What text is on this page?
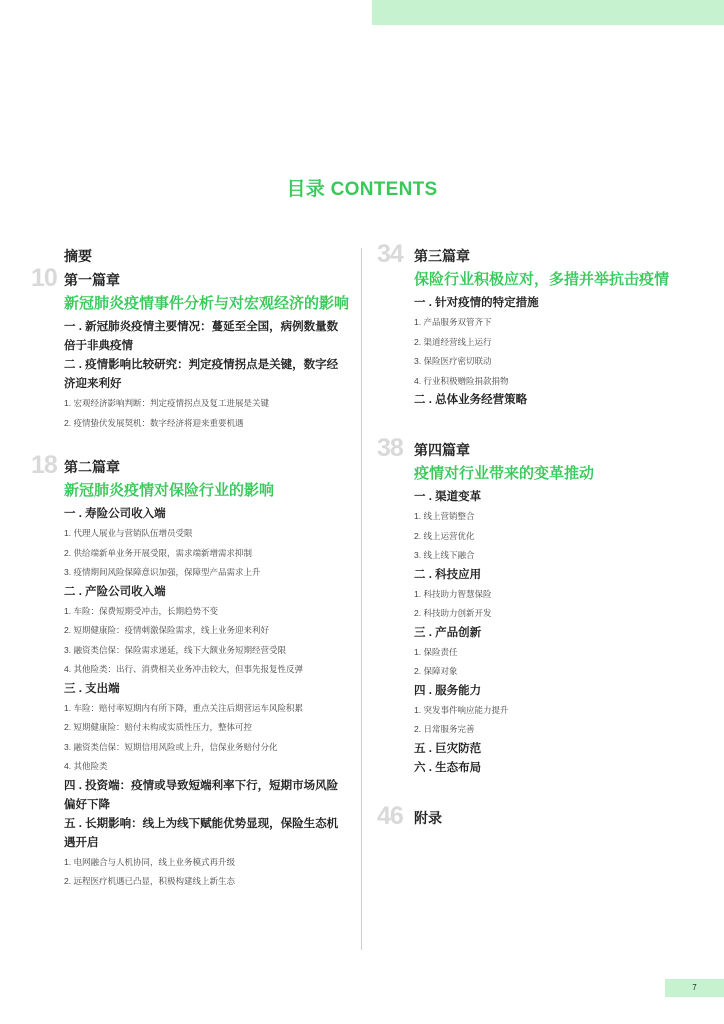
目录 CONTENTS
摘要
10 第一篇章
新冠肺炎疫情事件分析与对宏观经济的影响
一 . 新冠肺炎疫情主要情况：蔓延至全国，病例数量数倍于非典疫情
二 . 疫情影响比较研究：判定疫情拐点是关键，数字经济迎来利好
1. 宏观经济影响判断：判定疫情拐点及复工进展是关键
2. 疫情蛰伏发展契机：数字经济将迎来重要机遇
18 第二篇章
新冠肺炎疫情对保险行业的影响
一 . 寿险公司收入端
1. 代理人展业与营销队伍增员受限
2. 供给端新单业务开展受限，需求端新增需求抑制
3. 疫情期间风险保障意识加强，保障型产品需求上升
二 . 产险公司收入端
1. 车险：保费短期受冲击，长期趋势不变
2. 短期健康险：疫情刺激保险需求，线上业务迎来利好
3. 融资类信保：保险需求递延，线下大额业务短期经营受限
4. 其他险类：出行、消费相关业务冲击较大，但事先报复性反弹
三 . 支出端
1. 车险：赔付率短期内有所下降，重点关注后期营运车风险积累
2. 短期健康险：赔付未构成实质性压力，整体可控
3. 融资类信保：短期信用风险或上升，信保业务赔付分化
4. 其他险类
四 . 投资端：疫情或导致短端利率下行，短期市场风险偏好下降
五 . 长期影响：线上为线下赋能优势显现，保险生态机遇开启
1. 电网融合与人机协同，线上业务模式再升级
2. 远程医疗机遇已凸显，积极构建线上新生态
34 第三篇章
保险行业积极应对，多措并举抗击疫情
一 . 针对疫情的特定措施
1. 产品服务双管齐下
2. 渠道经营线上运行
3. 保险医疗密切联动
4. 行业积极赠险捐款捐物
二 . 总体业务经营策略
38 第四篇章
疫情对行业带来的变革推动
一 . 渠道变革
1. 线上营销整合
2. 线上运营优化
3. 线上线下融合
二 . 科技应用
1. 科技助力智慧保险
2. 科技助力创新开发
三 . 产品创新
1. 保险责任
2. 保障对象
四 . 服务能力
1. 突发事件响应能力提升
2. 日常服务完善
五 . 巨灾防范
六 . 生态布局
46 附录
7
